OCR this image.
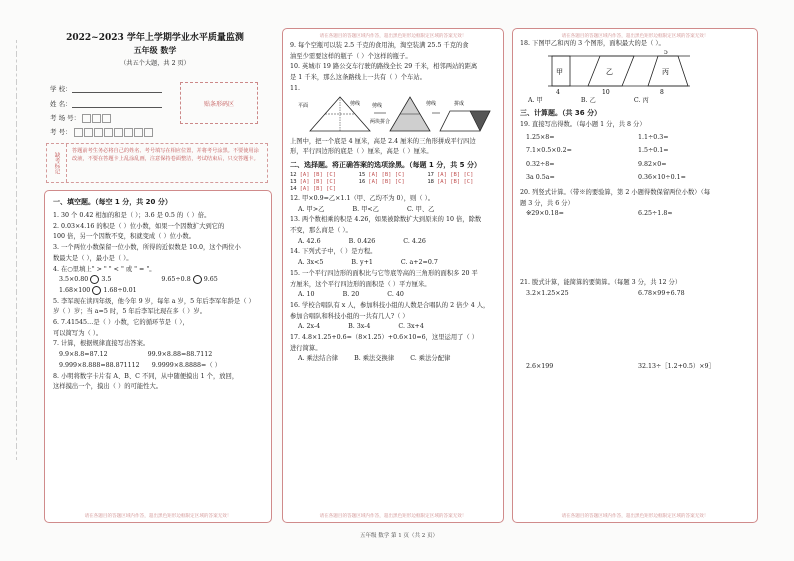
2022~2023 学年上学期学业水平质量监测
五年级 数学
（共五个大题，共 2 页）
学 校：
姓 名：
考 场 号：
考 号：
贴条形码区
缺考标记
答题前考生务必将自己的姓名、考号填写在相应位置，并将考号涂黑。不要使用涂改液，不要在答题卡上乱涂乱画，注意保持卷面整洁，考试结束后，只交答题卡。
一、填空题。（每空 1 分，共 20 分）
1. 30 个 0.42 相加的和是（ ）；3.6 是 0.5 的（ ）倍。
2. 0.03×4.16 的积是（ ）位小数，如果一个因数扩大到它的
100 倍，另一个因数不变，积就变成（ ）位小数。
3. 一个两位小数保留一位小数，所得的近似数是 10.0，这个两位小
数最大是（ ），最小是（ ）。
4. 在○里填上" > " " < " 或 " = "。
3.5×0.80 3.5	9.65÷0.8 9.65
1.68×100 1.68÷0.01
5. 李军现在读四年级，他今年 9 岁，每年 a 岁，5 年后李军年龄是（ ）
岁（ ）岁；当 a=5 时，5 年后李军比现在多（ ）岁。
6. 7.41545…是（ ）小数，它的循环节是（ ），
可以简写为（ ）。
7. 计算，根据规律直接写出答案。
9.9×8.8=87.12	99.9×8.88=88.7112
9.999×8.888=88.871112 9.9999×8.8888=（ ）
8. 小明将数字卡片有 A、B、C 不同，从中随便摸出 1 个，放回，
这样摸出一个，摸出（ ）的可能性大。
请在各题目的答题区域内作答，超出黑色矩形边框限定区域的答案无效！
请在各题目的答题区域内作答，超出黑色矩形边框限定区域的答案无效！
9. 每个空瓶可以装 2.5 千克的食用油，淘空装满 25.5 千克的食
油至少需要这样的瓶子（ ）个这样的瓶子。
10. 英城市 19 路公交车行驶的路线全长 29 千米，相邻两站的距离
是 1 千米，那么这条路线上一共有（ ）个车站。
11.
平面	剪线 剪线
两块拼合
剪线	拼成
上图中，把一个底是 4 厘米，高是 2.4 厘米的三角形拼成平行四边
形，平行四边形的底是（ ）厘米，高是（ ）厘米。
二、选择题。将正确答案的选项涂黑。（每题 1 分，共 5 分）
12 [A] [B] [C]	15 [A] [B] [C]	17 [A] [B] [C]
13 [A] [B] [C]	16 [A] [B] [C]	18 [A] [B] [C]
14 [A] [B] [C]
12. 甲×0.9=乙×1.1（甲、乙均不为 0），则（ ）。
A. 甲>乙	B. 甲<乙	C. 甲、乙
13. 两个数相乘的积是 4.26，如果被除数扩大到原来的 10 倍，除数
不变，那么商是（ ）。
A. 42.6	B. 0.426	C. 4.26
14. 下列式子中，（ ）是方程。
A. 3x<5	B. y+1	C. a+2=0.7
15. 一个平行四边形的面积比与它等底等高的三角形的面积多 20 平
方厘米，这个平行四边形的面积是（ ）平方厘米。
A. 10	B. 20	C. 40
16. 学校合唱队有 x 人，参加科技小组的人数是合唱队的 2 倍少 4 人，
参加合唱队和科技小组的一共有几人?（ ）
A. 2x-4	B. 3x-4	C. 3x+4
17. 4.8×1.25+0.6=（8×1.25）+0.6×10=6，这里运用了（ ）
进行简算。
A. 乘法结合律	B. 乘法交换律	C. 乘法分配律
请在各题目的答题区域内作答，超出黑色矩形边框限定区域的答案无效！
请在各题目的答题区域内作答，超出黑色矩形边框限定区域的答案无效！
18. 下图甲乙和丙的 3 个图形，面积最大的是（ ）。
甲	乙	丙
4	10	8
5
A. 甲	B. 乙	C. 丙
三、计算题。（共 36 分）
19. 直接写出得数。（每小题 1 分，共 8 分）
1.25×8=	1.1÷0.3=
7.1×0.5×0.2=	1.5÷0.1=
0.32÷8=	9.82×0=
3a 0.5a=	0.36×10÷0.1=
20. 列竖式计算。（带※的要验算，第 2 小题得数保留两位小数）（每
题 3 分，共 6 分）
※29×0.18=	6.25÷1.8≈
21. 脱式计算，能简算的要简算。（每题 3 分，共 12 分）
3.2×1.25×25	6.78×99+6.78
2.6×199	32.13÷［1.2+0.5）×9］
请在各题目的答题区域内作答，超出黑色矩形边框限定区域的答案无效！
五年级 数学 第 1 页（共 2 页）
